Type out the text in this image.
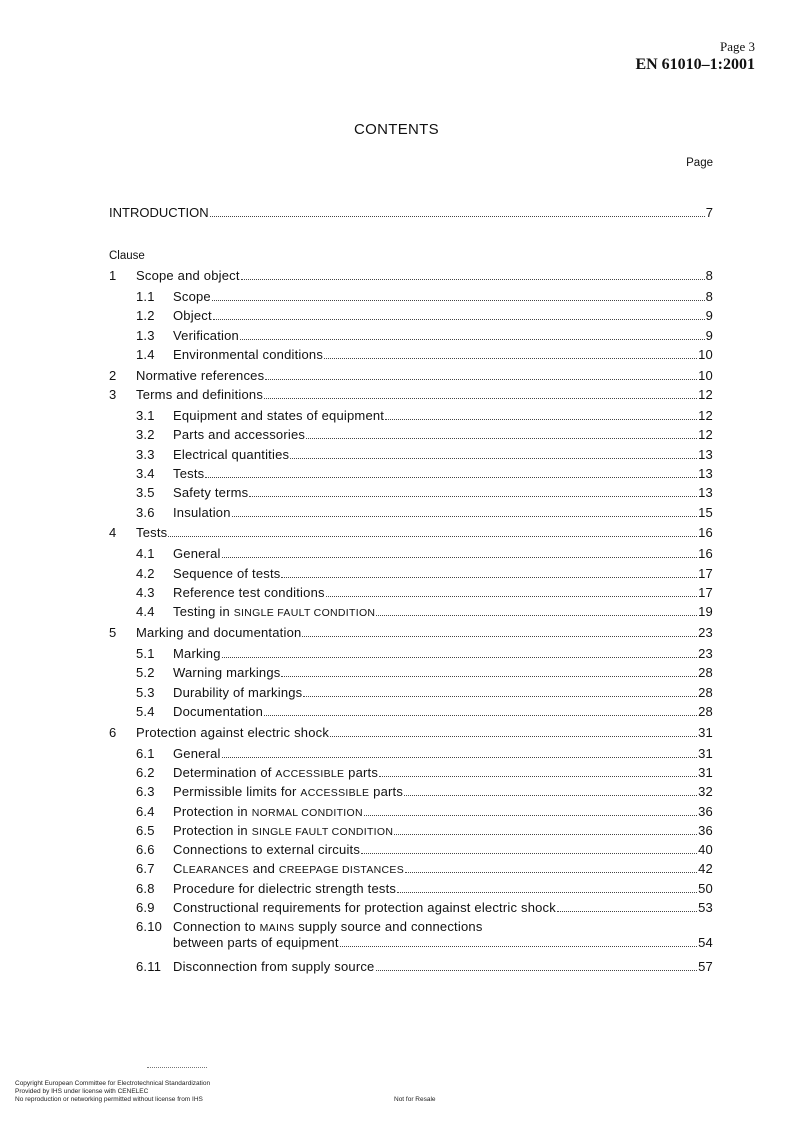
Page 3
EN 61010–1:2001
CONTENTS
Page
INTRODUCTION	7
Clause
1	Scope and object	8
1.1	Scope	8
1.2	Object	9
1.3	Verification	9
1.4	Environmental conditions	10
2	Normative references	10
3	Terms and definitions	12
3.1	Equipment and states of equipment	12
3.2	Parts and accessories	12
3.3	Electrical quantities	13
3.4	Tests	13
3.5	Safety terms	13
3.6	Insulation	15
4	Tests	16
4.1	General	16
4.2	Sequence of tests	17
4.3	Reference test conditions	17
4.4	Testing in SINGLE FAULT CONDITION	19
5	Marking and documentation	23
5.1	Marking	23
5.2	Warning markings	28
5.3	Durability of markings	28
5.4	Documentation	28
6	Protection against electric shock	31
6.1	General	31
6.2	Determination of ACCESSIBLE parts	31
6.3	Permissible limits for ACCESSIBLE parts	32
6.4	Protection in NORMAL CONDITION	36
6.5	Protection in SINGLE FAULT CONDITION	36
6.6	Connections to external circuits	40
6.7	CLEARANCES and CREEPAGE DISTANCES	42
6.8	Procedure for dielectric strength tests	50
6.9	Constructional requirements for protection against electric shock	53
6.10 Connection to MAINS supply source and connections
between parts of equipment	54
6.11 Disconnection from supply source	57
Copyright European Committee for Electrotechnical Standardization
Provided by IHS under license with CENELEC
No reproduction or networking permitted without license from IHS	Not for Resale
